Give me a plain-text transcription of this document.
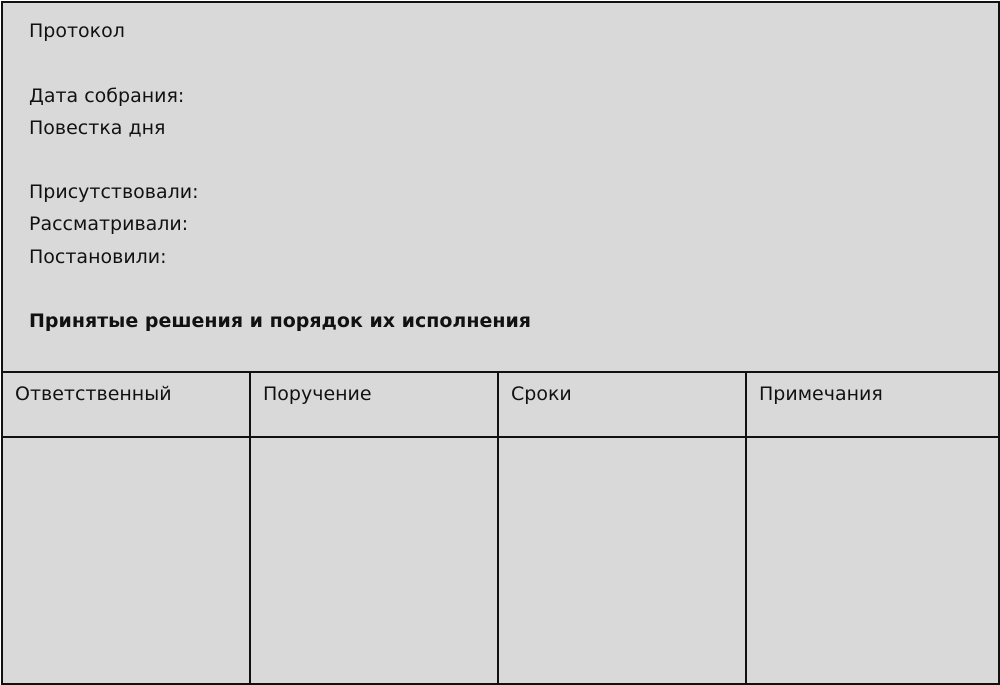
Протокол
Дата собрания:
Повестка дня
Присутствовали:
Рассматривали:
Постановили:
Принятые решения и порядок их исполнения
Ответственный	Поручение	Сроки	Примечания
